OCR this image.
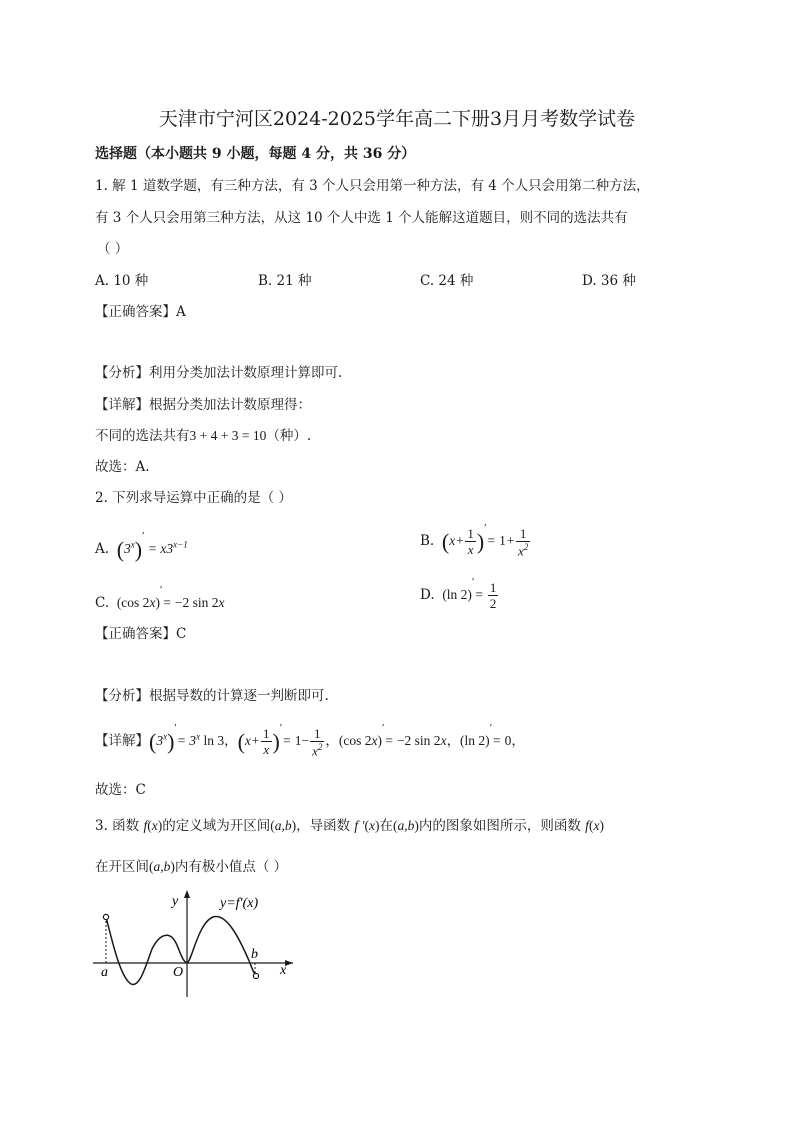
天津市宁河区2024-2025学年高二下册3月月考数学试卷
选择题（本小题共 9 小题，每题 4 分，共 36 分）
1. 解 1 道数学题，有三种方法，有 3 个人只会用第一种方法，有 4 个人只会用第二种方法，
有 3 个人只会用第三种方法，从这 10 个人中选 1 个人能解这道题目，则不同的选法共有
（ ）
A. 10 种	B. 21 种	C. 24 种	D. 36 种
【正确答案】A
【分析】利用分类加法计数原理计算即可.
【详解】根据分类加法计数原理得：
不同的选法共有3 + 4 + 3 = 10（种）.
故选：A.
2. 下列求导运算中正确的是（ ）
A. $(3^x)' = x3^{x-1}$	B. $(x+ \frac{1}{x} )'= 1+ \frac{1}{x^2}$
C. (cos 2x)′= −2 sin 2x	D. (ln $2)'= \frac{1}{2}$
【正确答案】C
【分析】根据导数的计算逐一判断即可.
【详解】$(3^x)'= 3^x$ ln 3，$(x+ \frac{1}{x} )'= 1- \frac{1}{x^2}$ ，(cos 2x)′= −2 sin 2x，(ln 2)′= 0，
故选：C
3. 函数 f(x)的定义域为开区间(a,b)，导函数 f ′(x)在(a,b)内的图象如图所示，则函数 f(x)
在开区间(a,b)内有极小值点（ ）
y
x
y=f′(x)
a
b
O
